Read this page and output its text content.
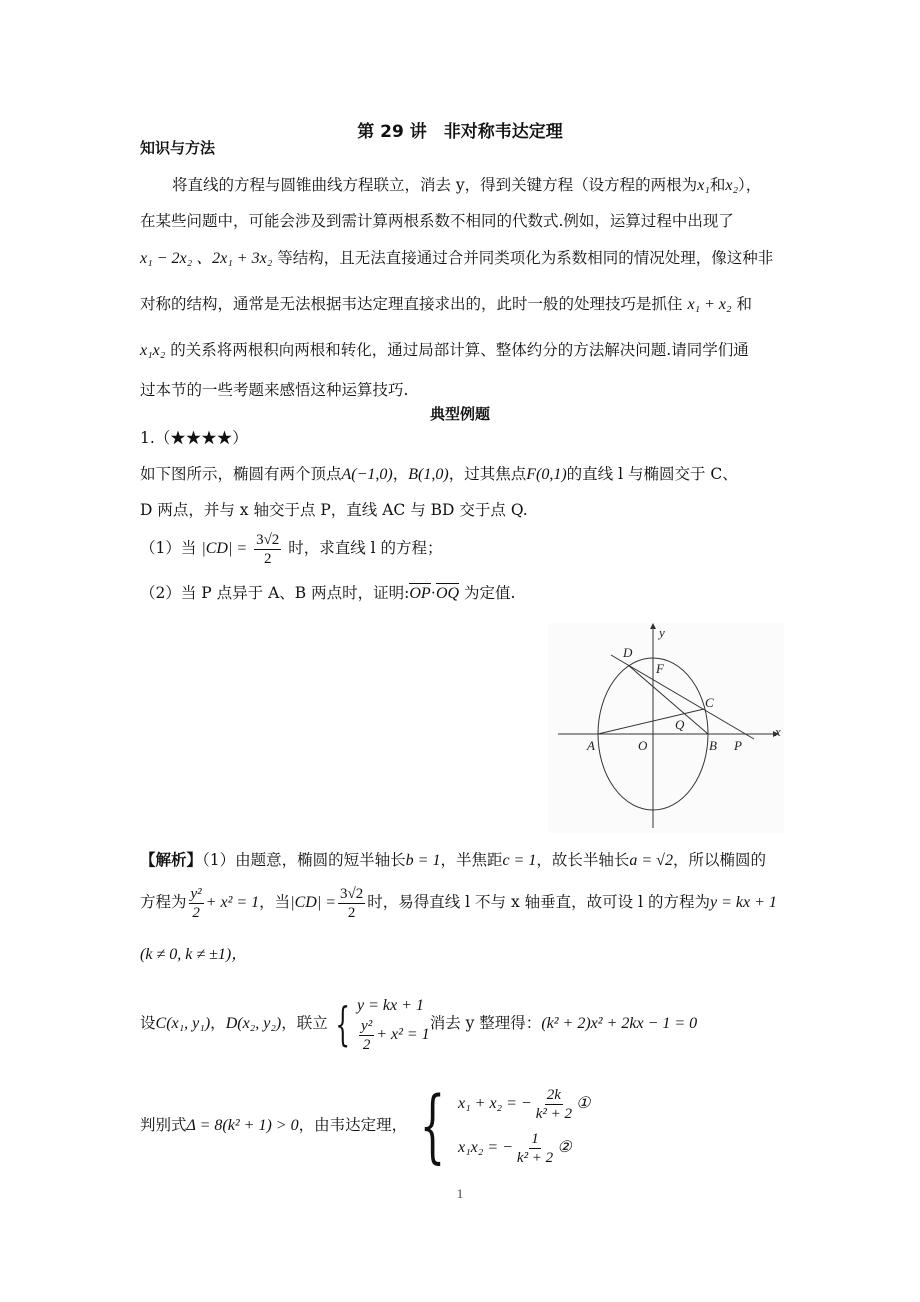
第 29 讲　非对称韦达定理
知识与方法
将直线的方程与圆锥曲线方程联立，消去 y，得到关键方程（设方程的两根为x₁和x₂），
在某些问题中，可能会涉及到需计算两根系数不相同的代数式.例如，运算过程中出现了
x₁ − 2x₂ 、2x₁ + 3x₂ 等结构，且无法直接通过合并同类项化为系数相同的情况处理，像这种非
对称的结构，通常是无法根据韦达定理直接求出的，此时一般的处理技巧是抓住 x₁ + x₂ 和
x₁x₂ 的关系将两根积向两根和转化，通过局部计算、整体约分的方法解决问题.请同学们通
过本节的一些考题来感悟这种运算技巧.
典型例题
1.（★★★★）
如下图所示，椭圆有两个顶点A(−1,0)，B(1,0)，过其焦点F(0,1)的直线 l 与椭圆交于 C、
D 两点，并与 x 轴交于点 P，直线 AC 与 BD 交于点 Q.
（1）当 $|CD| = \frac{3√2}{2}$ 时，求直线 l 的方程；
（2）当 P 点异于 A、B 两点时，证明:OP·OQ 为定值.
y
x
D
F
C
Q
A	O	B P
【解析】（1）由题意，椭圆的短半轴长b = 1，半焦距c = 1，故长半轴长a = √2，所以椭圆的
方程为 $\frac{\text{y²}}{2} + x^2 = 1$，当$|CD| = \frac{3√2}{2}$ 时，易得直线 l 不与 x 轴垂直，故可设 l 的方程为y = kx + 1
(k ≠ 0, k ≠ ±1)，
设C(x₁, y₁)，D(x₂, y₂)，联立 { y = kx + 1
$\frac{\text{y²}}{2} + x^2 = 1$
消去 y 整理得：(k² + 2)x² + 2kx − 1 = 0
判别式Δ = 8(k² + 1) > 0，由韦达定理， { x₁ + x₂ = − $\frac{2k}{\text{k² + 2}}$ ①
x₁x₂ = − $\frac{1}{\text{k² + 2}}$ ②
1
